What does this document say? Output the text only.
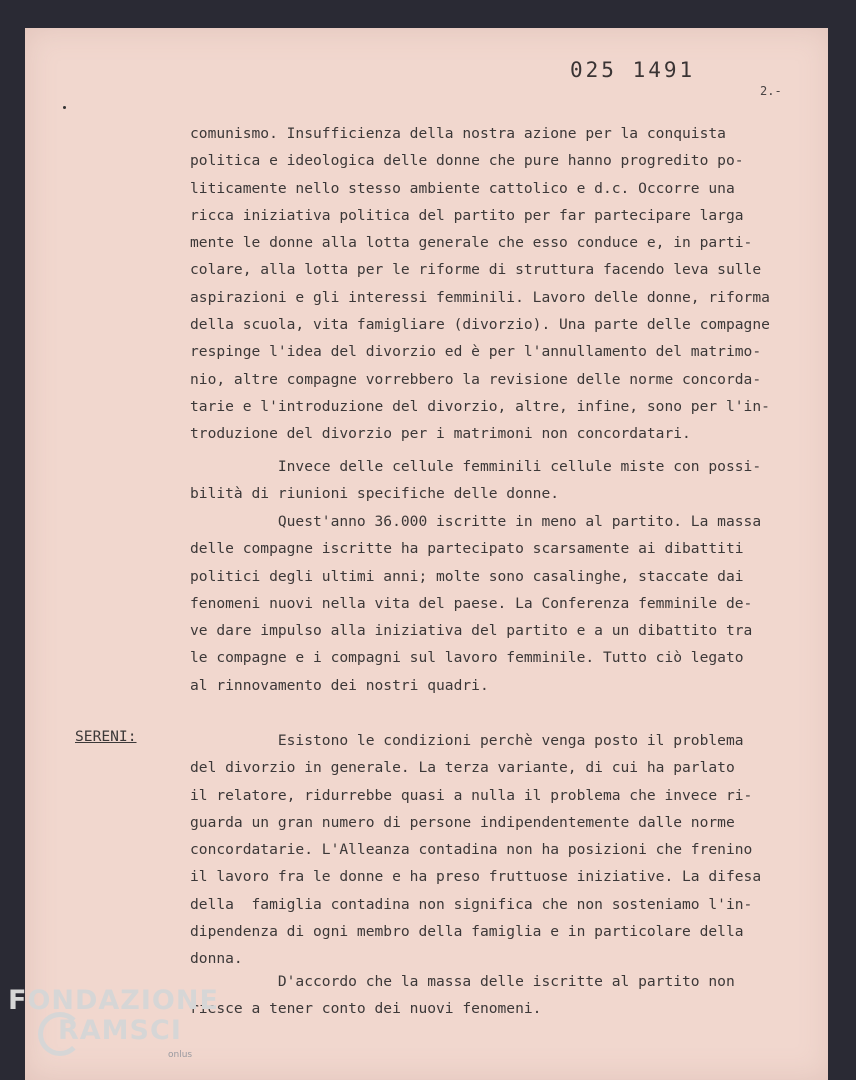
025 1491
2.-
comunismo. Insufficienza della nostra azione per la conquista
politica e ideologica delle donne che pure hanno progredito po-
liticamente nello stesso ambiente cattolico e d.c. Occorre una
ricca iniziativa politica del partito per far partecipare larga
mente le donne alla lotta generale che esso conduce e, in parti-
colare, alla lotta per le riforme di struttura facendo leva sulle
aspirazioni e gli interessi femminili. Lavoro delle donne, riforma
della scuola, vita famigliare (divorzio). Una parte delle compagne
respinge l'idea del divorzio ed è per l'annullamento del matrimo-
nio, altre compagne vorrebbero la revisione delle norme concorda-
tarie e l'introduzione del divorzio, altre, infine, sono per l'in-
troduzione del divorzio per i matrimoni non concordatari.
Invece delle cellule femminili cellule miste con possi-
bilità di riunioni specifiche delle donne.
Quest'anno 36.000 iscritte in meno al partito. La massa
delle compagne iscritte ha partecipato scarsamente ai dibattiti
politici degli ultimi anni; molte sono casalinghe, staccate dai
fenomeni nuovi nella vita del paese. La Conferenza femminile de-
ve dare impulso alla iniziativa del partito e a un dibattito tra
le compagne e i compagni sul lavoro femminile. Tutto ciò legato
al rinnovamento dei nostri quadri.
SERENI:	Esistono le condizioni perchè venga posto il problema
del divorzio in generale. La terza variante, di cui ha parlato
il relatore, ridurrebbe quasi a nulla il problema che invece ri-
guarda un gran numero di persone indipendentemente dalle norme
concordatarie. L'Alleanza contadina non ha posizioni che frenino
il lavoro fra le donne e ha preso fruttuose iniziative. La difesa
della  famiglia contadina non significa che non sosteniamo l'in-
dipendenza di ogni membro della famiglia e in particolare della
donna.
D'accordo che la massa delle iscritte al partito non
riesce a tener conto dei nuovi fenomeni.
FONDAZIONE
RAMSCI
onlus
